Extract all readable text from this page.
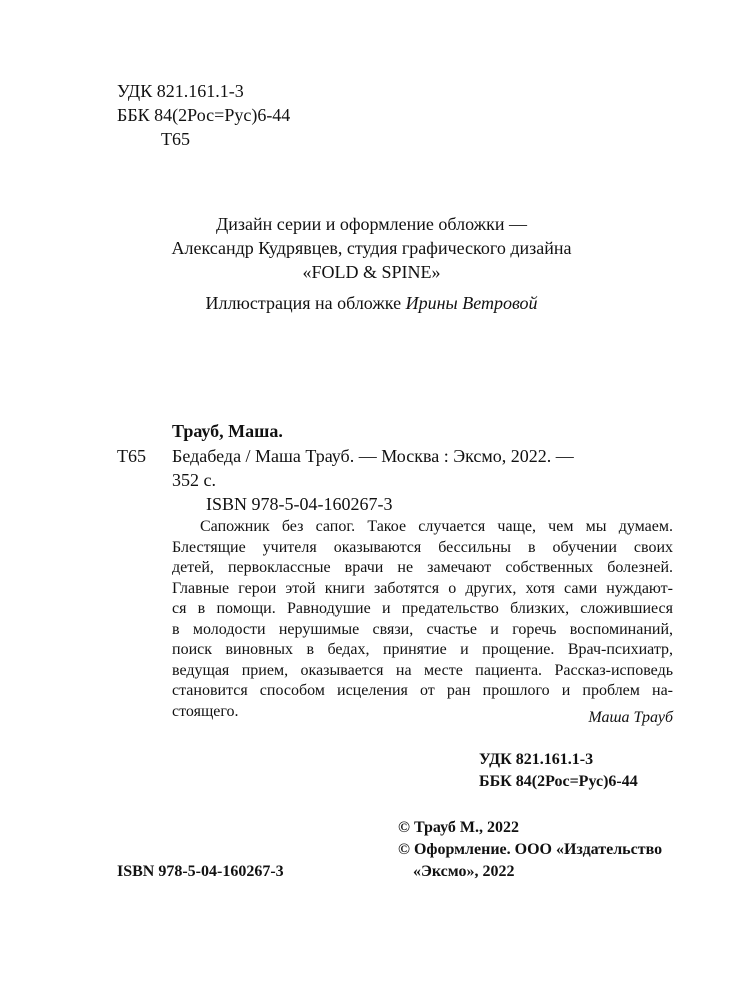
УДК 821.161.1-3
ББК 84(2Рос=Рус)6-44
Т65
Дизайн серии и оформление обложки —
Александр Кудрявцев, студия графического дизайна
«FOLD & SPINE»
Иллюстрация на обложке Ирины Ветровой
Трауб, Маша.
Т65 Бедабеда / Маша Трауб. — Москва : Эксмо, 2022. —
352 с.
ISBN 978-5-04-160267-3
Сапожник без сапог. Такое случается чаще, чем мы думаем.
Блестящие учителя оказываются бессильны в обучении своих
детей, первоклассные врачи не замечают собственных болезней.
Главные герои этой книги заботятся о других, хотя сами нуждают-
ся в помощи. Равнодушие и предательство близких, сложившиеся
в молодости нерушимые связи, счастье и горечь воспоминаний,
поиск виновных в бедах, принятие и прощение. Врач-психиатр,
ведущая прием, оказывается на месте пациента. Рассказ-исповедь
становится способом исцеления от ран прошлого и проблем на-
стоящего.	Маша Трауб
УДК 821.161.1-3
ББК 84(2Рос=Рус)6-44
© Трауб М., 2022
© Оформление. ООО «Издательство
ISBN 978-5-04-160267-3	«Эксмо», 2022
